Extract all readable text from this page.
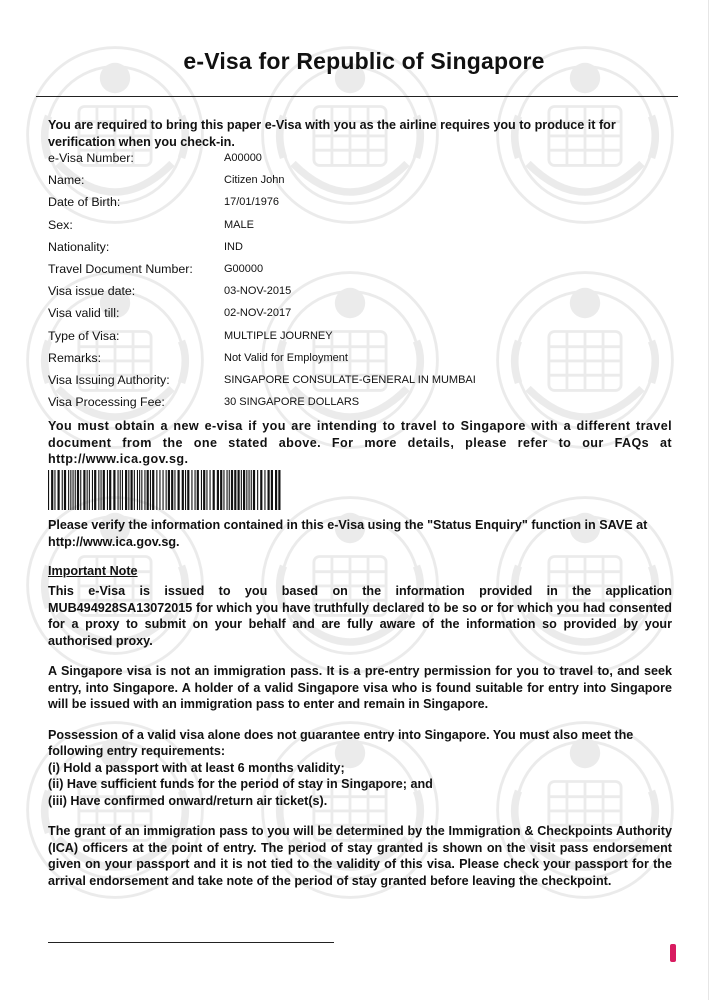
e-Visa for Republic of Singapore

You are required to bring this paper e-Visa with you as the airline requires you to produce it for verification when you check-in.

e-Visa Number:	A00000
Name:	Citizen John
Date of Birth:	17/01/1976
Sex:	MALE
Nationality:	IND
Travel Document Number:	G00000
Visa issue date:	03-NOV-2015
Visa valid till:	02-NOV-2017
Type of Visa:	MULTIPLE JOURNEY
Remarks:	Not Valid for Employment
Visa Issuing Authority:	SINGAPORE CONSULATE-GENERAL IN MUMBAI
Visa Processing Fee:	30 SINGAPORE DOLLARS

You must obtain a new e-visa if you are intending to travel to Singapore with a different travel document from the one stated above. For more details, please refer to our FAQs at http://www.ica.gov.sg.

Please verify the information contained in this e-Visa using the "Status Enquiry" function in SAVE at http://www.ica.gov.sg.

Important Note

This e-Visa is issued to you based on the information provided in the application MUB494928SA13072015 for which you have truthfully declared to be so or for which you had consented for a proxy to submit on your behalf and are fully aware of the information so provided by your authorised proxy.

A Singapore visa is not an immigration pass. It is a pre-entry permission for you to travel to, and seek entry, into Singapore. A holder of a valid Singapore visa who is found suitable for entry into Singapore will be issued with an immigration pass to enter and remain in Singapore.

Possession of a valid visa alone does not guarantee entry into Singapore. You must also meet the following entry requirements:

(i) Hold a passport with at least 6 months validity;
(ii) Have sufficient funds for the period of stay in Singapore; and
(iii) Have confirmed onward/return air ticket(s).

The grant of an immigration pass to you will be determined by the Immigration & Checkpoints Authority (ICA) officers at the point of entry. The period of stay granted is shown on the visit pass endorsement given on your passport and it is not tied to the validity of this visa. Please check your passport for the arrival endorsement and take note of the period of stay granted before leaving the checkpoint.
